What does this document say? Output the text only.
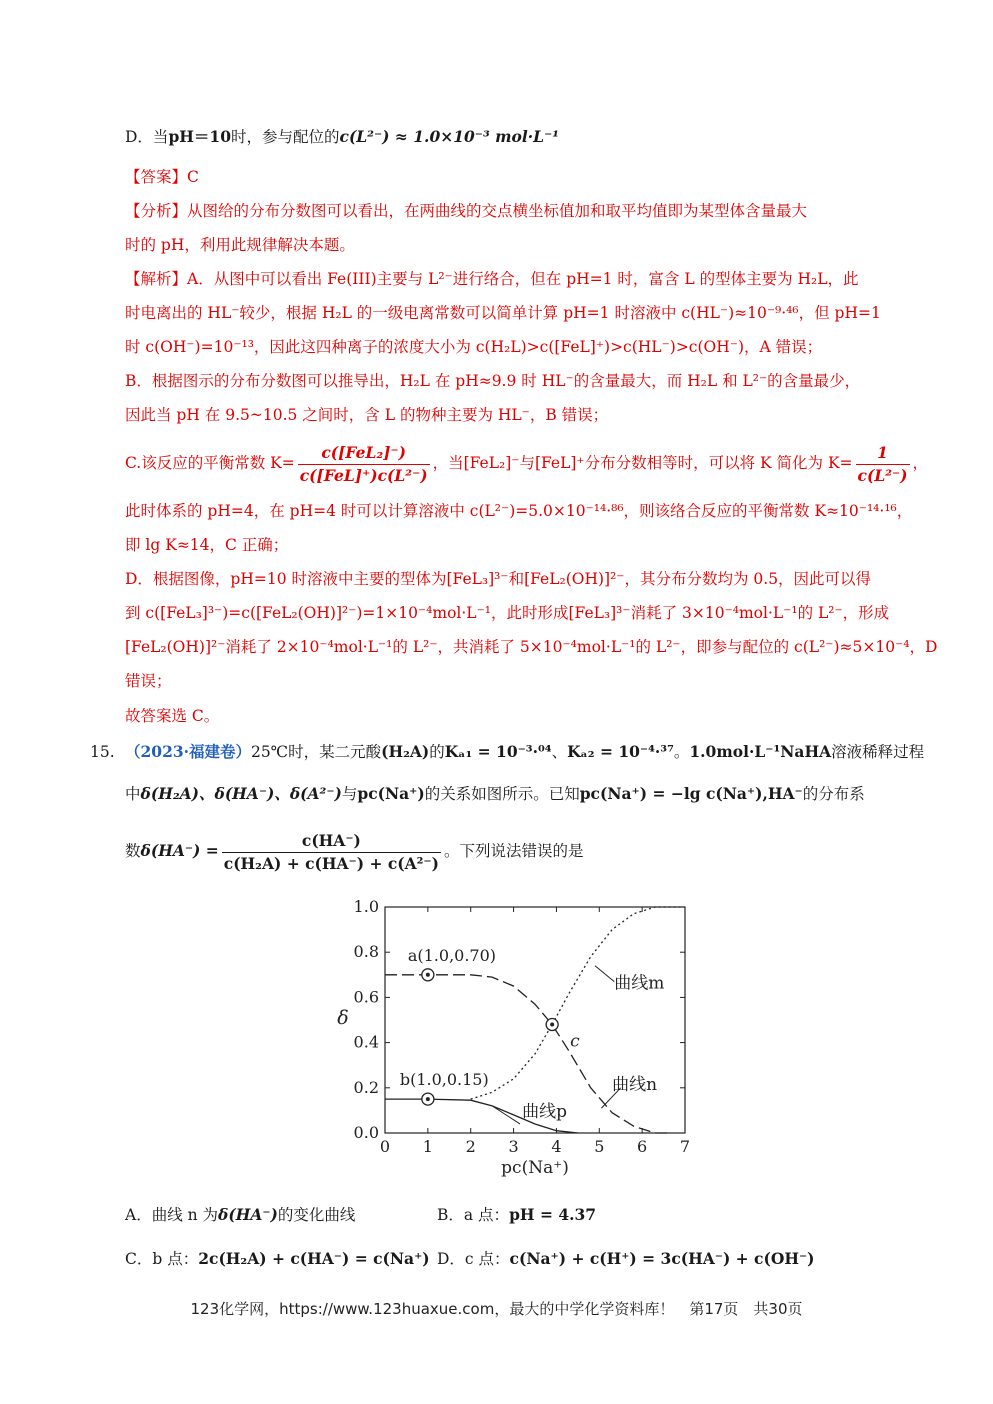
D．当pH＝10时，参与配位的c(L²⁻) ≈ 1.0×10⁻³ mol·L⁻¹
【答案】C
【分析】从图给的分布分数图可以看出，在两曲线的交点横坐标值加和取平均值即为某型体含量最大
时的 pH，利用此规律解决本题。
【解析】A．从图中可以看出 Fe(III)主要与 L²⁻进行络合，但在 pH=1 时，富含 L 的型体主要为 H₂L，此
时电离出的 HL⁻较少，根据 H₂L 的一级电离常数可以简单计算 pH=1 时溶液中 c(HL⁻)≈10⁻⁹·⁴⁶，但 pH=1
时 c(OH⁻)=10⁻¹³，因此这四种离子的浓度大小为 c(H₂L)>c([FeL]⁺)>c(HL⁻)>c(OH⁻)，A 错误；
B．根据图示的分布分数图可以推导出，H₂L 在 pH≈9.9 时 HL⁻的含量最大，而 H₂L 和 L²⁻的含量最少，
因此当 pH 在 9.5~10.5 之间时，含 L 的物种主要为 HL⁻，B 错误；
C.该反应的平衡常数 $K= \frac{\text{c([FeL₂]⁻)}}{\text{c([FeL]⁺)c(L²⁻)}}$ ，当[FeL₂]⁻与[FeL]⁺分布分数相等时，可以将 K 简化为 $K= \frac{1}{\text{c(L²⁻)}}$ ，
此时体系的 pH=4，在 pH=4 时可以计算溶液中 c(L²⁻)=5.0×10⁻¹⁴·⁸⁶，则该络合反应的平衡常数 K≈10⁻¹⁴·¹⁶，
即 lg K≈14，C 正确；
D．根据图像，pH=10 时溶液中主要的型体为[FeL₃]³⁻和[FeL₂(OH)]²⁻，其分布分数均为 0.5，因此可以得
到 c([FeL₃]³⁻)=c([FeL₂(OH)]²⁻)=1×10⁻⁴mol·L⁻¹，此时形成[FeL₃]³⁻消耗了 3×10⁻⁴mol·L⁻¹的 L²⁻，形成
[FeL₂(OH)]²⁻消耗了 2×10⁻⁴mol·L⁻¹的 L²⁻，共消耗了 5×10⁻⁴mol·L⁻¹的 L²⁻，即参与配位的 c(L²⁻)≈5×10⁻⁴，D
错误；
故答案选 C。
15. （2023·福建卷）25℃时，某二元酸(H₂A)的Kₐ₁ = 10⁻³·⁰⁴、Kₐ₂ = 10⁻⁴·³⁷。1.0mol·L⁻¹NaHA溶液稀释过程
中δ(H₂A)、δ(HA⁻)、δ(A²⁻)与pc(Na⁺)的关系如图所示。已知pc(Na⁺) = −lg c(Na⁺),HA⁻的分布系
数$\delta(HA^-) = \frac{c(HA^-)}{\text{c(H₂A) + c(HA⁻) + c(A²⁻)}}$ 。下列说法错误的是
0 1 2 3 4 5 6 7
0.0
0.2
0.4
0.6
0.8
1.0
pc(Na⁺)
δ
a(1.0,0.70)
b(1.0,0.15)
c
曲线m
曲线n
曲线p
A．曲线 n 为δ(HA⁻)的变化曲线	B．a 点：pH = 4.37
C．b 点：2c(H₂A) + c(HA⁻) = c(Na⁺) D．c 点：c(Na⁺) + c(H⁺) = 3c(HA⁻) + c(OH⁻)
123化学网，https://www.123huaxue.com，最大的中学化学资料库！　第17页　共30页
